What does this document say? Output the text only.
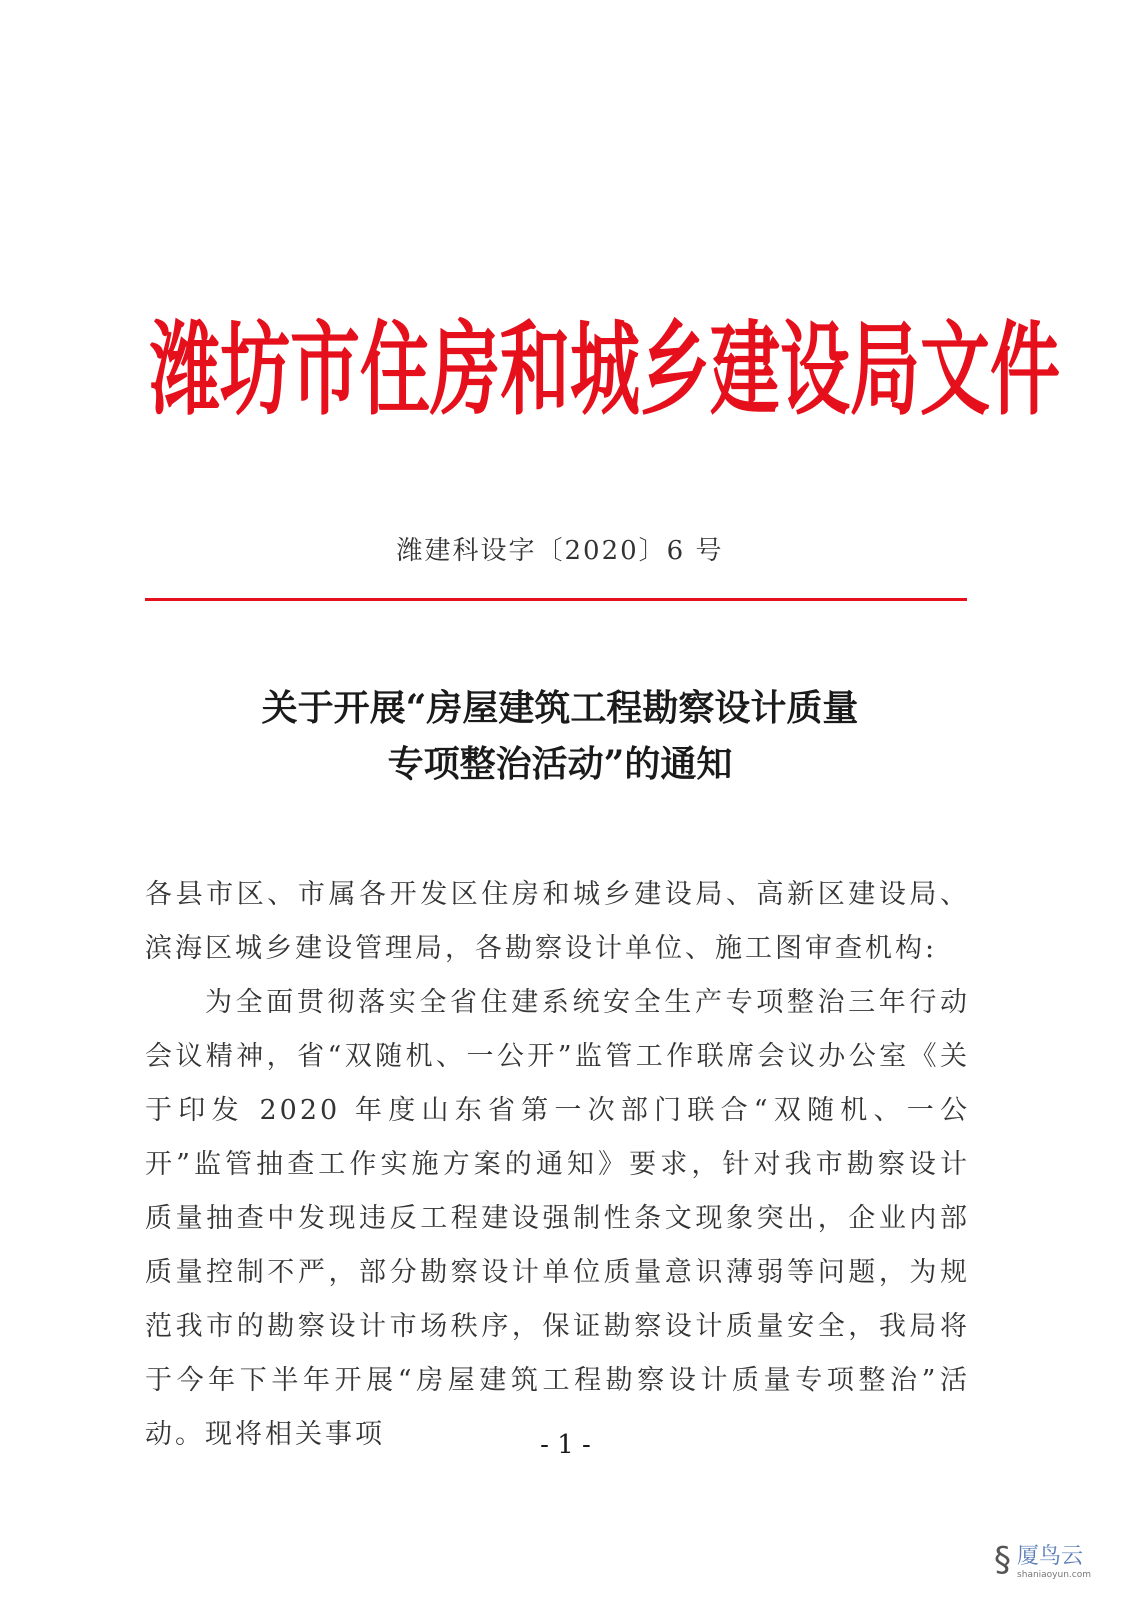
潍坊市住房和城乡建设局文件
潍建科设字〔2020〕6 号
关于开展“房屋建筑工程勘察设计质量
专项整治活动”的通知

各县市区、市属各开发区住房和城乡建设局、高新区建设局、滨海区城乡建设管理局，各勘察设计单位、施工图审查机构:

为全面贯彻落实全省住建系统安全生产专项整治三年行动会议精神，省“双随机、一公开”监管工作联席会议办公室《关于印发 2020 年度山东省第一次部门联合“双随机、一公开”监管抽查工作实施方案的通知》要求，针对我市勘察设计质量抽查中发现违反工程建设强制性条文现象突出，企业内部质量控制不严，部分勘察设计单位质量意识薄弱等问题，为规范我市的勘察设计市场秩序，保证勘察设计质量安全，我局将于今年下半年开展“房屋建筑工程勘察设计质量专项整治”活动。现将相关事项	- 1 -
§ 厦鸟云
shaniaoyun.com
